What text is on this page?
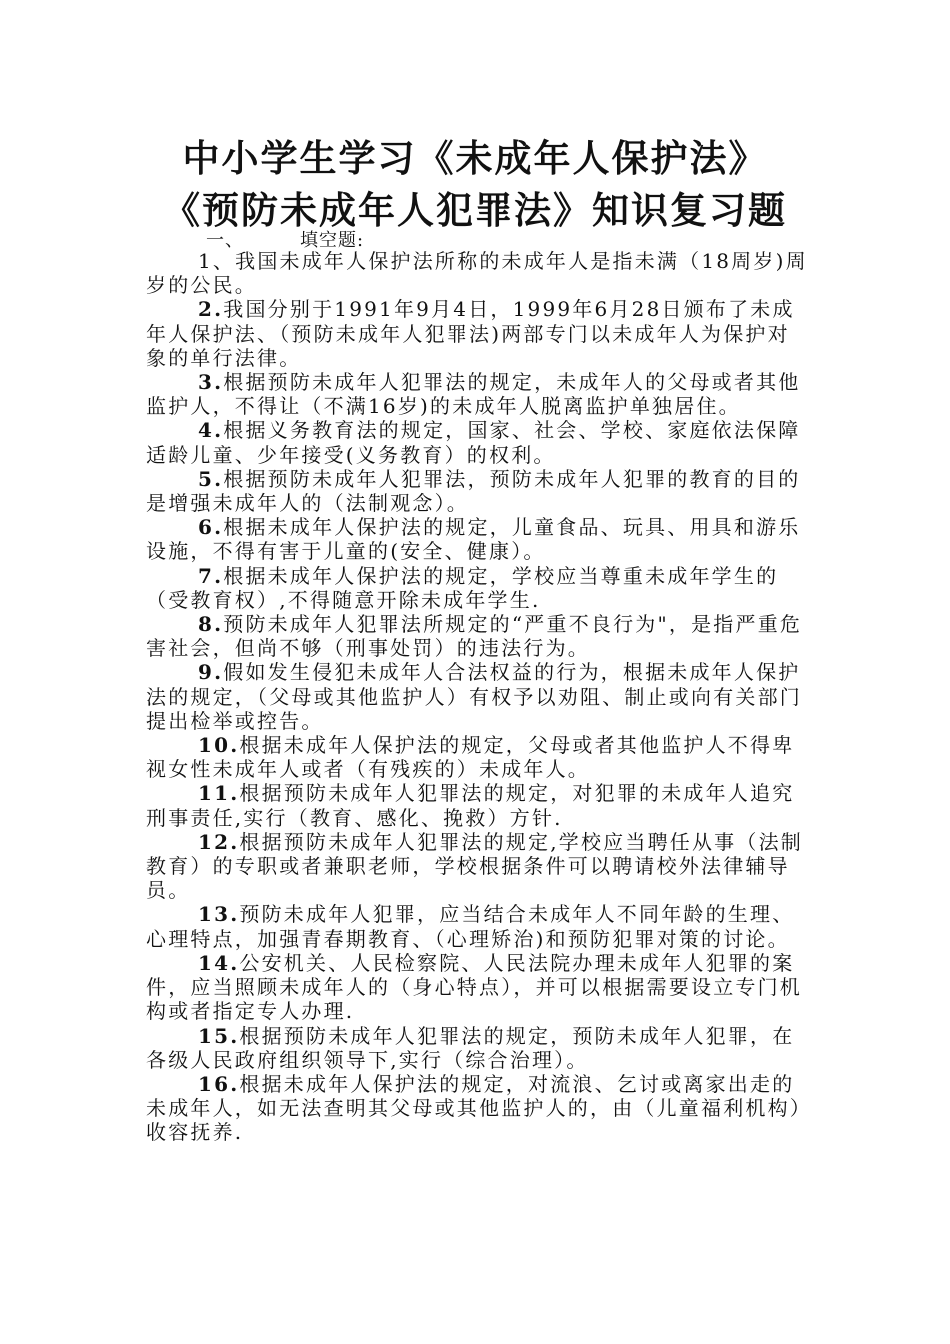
中小学生学习《未成年人保护法》
《预防未成年人犯罪法》知识复习题
一、	填空题:

1、我国未成年人保护法所称的未成年人是指未满（18周岁)周岁的公民。

2.我国分别于1991年9月4日，1999年6月28日颁布了未成年人保护法、（预防未成年人犯罪法)两部专门以未成年人为保护对象的单行法律。

3.根据预防未成年人犯罪法的规定，未成年人的父母或者其他监护人，不得让（不满16岁)的未成年人脱离监护单独居住。

4.根据义务教育法的规定，国家、社会、学校、家庭依法保障适龄儿童、少年接受(义务教育）的权利。

5.根据预防未成年人犯罪法，预防未成年人犯罪的教育的目的是增强未成年人的（法制观念）。

6.根据未成年人保护法的规定，儿童食品、玩具、用具和游乐设施，不得有害于儿童的(安全、健康）。

7.根据未成年人保护法的规定，学校应当尊重未成年学生的（受教育权）,不得随意开除未成年学生.

8.预防未成年人犯罪法所规定的“严重不良行为"，是指严重危害社会，但尚不够（刑事处罚）的违法行为。

9.假如发生侵犯未成年人合法权益的行为，根据未成年人保护法的规定，（父母或其他监护人）有权予以劝阻、制止或向有关部门提出检举或控告。

10.根据未成年人保护法的规定，父母或者其他监护人不得卑视女性未成年人或者（有残疾的）未成年人。

11.根据预防未成年人犯罪法的规定，对犯罪的未成年人追究刑事责任,实行（教育、感化、挽救）方针.

12.根据预防未成年人犯罪法的规定,学校应当聘任从事（法制教育）的专职或者兼职老师，学校根据条件可以聘请校外法律辅导员。

13.预防未成年人犯罪，应当结合未成年人不同年龄的生理、心理特点，加强青春期教育、（心理矫治)和预防犯罪对策的讨论。

14.公安机关、人民检察院、人民法院办理未成年人犯罪的案件，应当照顾未成年人的（身心特点），并可以根据需要设立专门机构或者指定专人办理.

15.根据预防未成年人犯罪法的规定，预防未成年人犯罪，在各级人民政府组织领导下,实行（综合治理）。

16.根据未成年人保护法的规定，对流浪、乞讨或离家出走的未成年人，如无法查明其父母或其他监护人的，由（儿童福利机构）收容抚养.
